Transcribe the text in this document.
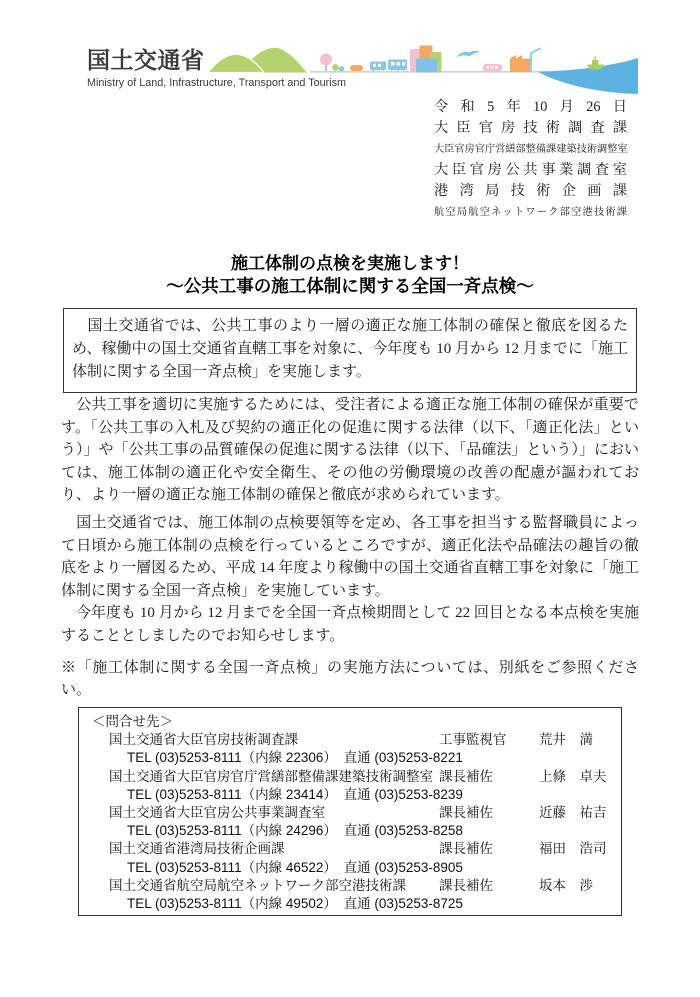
国土交通省
Ministry of Land, Infrastructure, Transport and Tourism
令和5年10月26日
大臣官房技術調査課
大臣官房官庁営繕部整備課建築技術調整室
大臣官房公共事業調査室
港湾局技術企画課
航空局航空ネットワーク部空港技術課
施工体制の点検を実施します！
～公共工事の施工体制に関する全国一斉点検～
　国土交通省では、公共工事のより一層の適正な施工体制の確保と徹底を図るため、稼働中の国土交通省直轄工事を対象に、今年度も 10 月から 12 月までに「施工体制に関する全国一斉点検」を実施します。

　公共工事を適切に実施するためには、受注者による適正な施工体制の確保が重要です。「公共工事の入札及び契約の適正化の促進に関する法律（以下、「適正化法」という）」や「公共工事の品質確保の促進に関する法律（以下、「品確法」という）」においては、施工体制の適正化や安全衛生、その他の労働環境の改善の配慮が謳われており、より一層の適正な施工体制の確保と徹底が求められています。

　国土交通省では、施工体制の点検要領等を定め、各工事を担当する監督職員によって日頃から施工体制の点検を行っているところですが、適正化法や品確法の趣旨の徹底をより一層図るため、平成 14 年度より稼働中の国土交通省直轄工事を対象に「施工体制に関する全国一斉点検」を実施しています。

　今年度も 10 月から 12 月までを全国一斉点検期間として 22 回目となる本点検を実施することとしましたのでお知らせします。

※「施工体制に関する全国一斉点検」の実施方法については、別紙をご参照ください。

＜問合せ先＞
国土交通省大臣官房技術調査課	工事監視官	荒井　満
TEL (03)5253-8111（内線 22306）　直通 (03)5253-8221
国土交通省大臣官房官庁営繕部整備課建築技術調整室 課長補佐	上條　卓夫
TEL (03)5253-8111（内線 23414）　直通 (03)5253-8239
国土交通省大臣官房公共事業調査室	課長補佐	近藤　祐吉
TEL (03)5253-8111（内線 24296）　直通 (03)5253-8258
国土交通省港湾局技術企画課	課長補佐	福田　浩司
TEL (03)5253-8111（内線 46522）　直通 (03)5253-8905
国土交通省航空局航空ネットワーク部空港技術課	課長補佐	坂本　渉
TEL (03)5253-8111（内線 49502）　直通 (03)5253-8725
